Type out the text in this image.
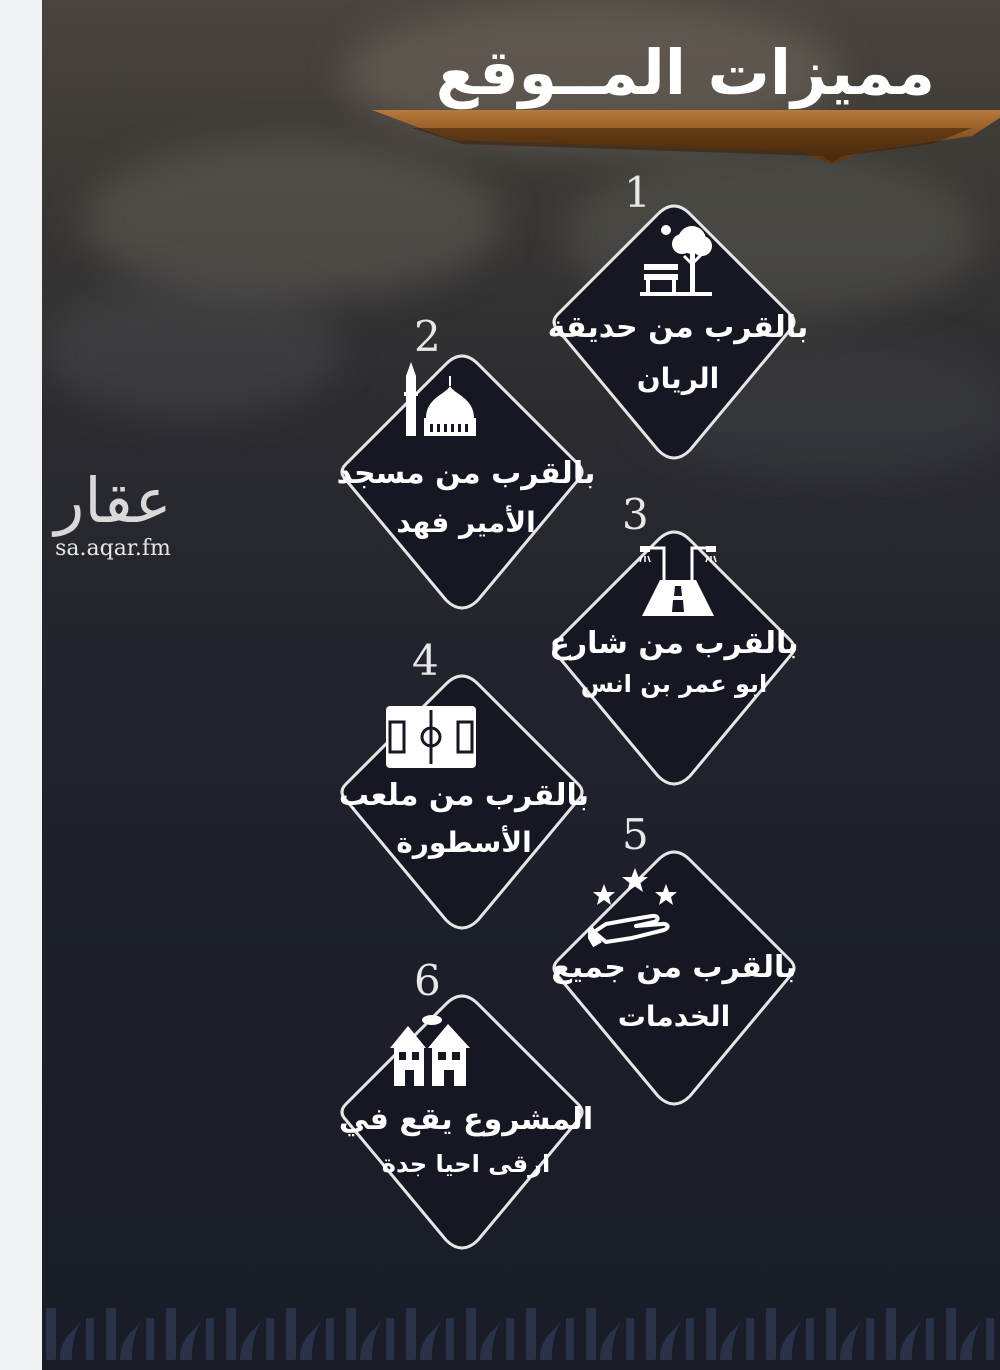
مميزات المــوقع
1
بالقرب من حديقة
الريان
2
بالقرب من مسجد
الأمير فهد	3
بالقرب من شارع
ابو عمر بن انس
4
بالقرب من ملعب
الأسطورة	5
بالقرب من جميع
الخدمات
6
المشروع يقع في
ارقى احيا جدة
عقار
sa.aqar.fm
